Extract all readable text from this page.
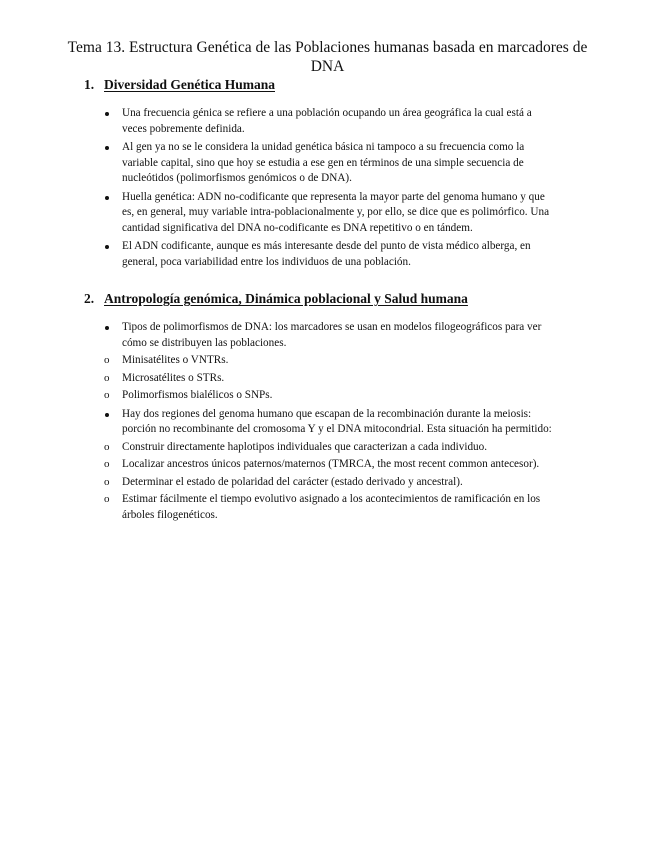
Tema 13. Estructura Genética de las Poblaciones humanas basada en marcadores de DNA
1. Diversidad Genética Humana
Una frecuencia génica se refiere a una población ocupando un área geográfica la cual está a veces pobremente definida.
Al gen ya no se le considera la unidad genética básica ni tampoco a su frecuencia como la variable capital, sino que hoy se estudia a ese gen en términos de una simple secuencia de nucleótidos (polimorfismos genómicos o de DNA).
Huella genética: ADN no-codificante que representa la mayor parte del genoma humano y que es, en general, muy variable intra-poblacionalmente y, por ello, se dice que es polimórfico. Una cantidad significativa del DNA no-codificante es DNA repetitivo o en tándem.
El ADN codificante, aunque es más interesante desde del punto de vista médico alberga, en general, poca variabilidad entre los individuos de una población.
2. Antropología genómica, Dinámica poblacional y Salud humana
Tipos de polimorfismos de DNA: los marcadores se usan en modelos filogeográficos para ver cómo se distribuyen las poblaciones.
o Minisatélites o VNTRs.
o Microsatélites o STRs.
o Polimorfismos bialélicos o SNPs.
Hay dos regiones del genoma humano que escapan de la recombinación durante la meiosis: porción no recombinante del cromosoma Y y el DNA mitocondrial. Esta situación ha permitido:
o Construir directamente haplotipos individuales que caracterizan a cada individuo.
o Localizar ancestros únicos paternos/maternos (TMRCA, the most recent common antecesor).
o Determinar el estado de polaridad del carácter (estado derivado y ancestral).
o Estimar fácilmente el tiempo evolutivo asignado a los acontecimientos de ramificación en los árboles filogenéticos.
